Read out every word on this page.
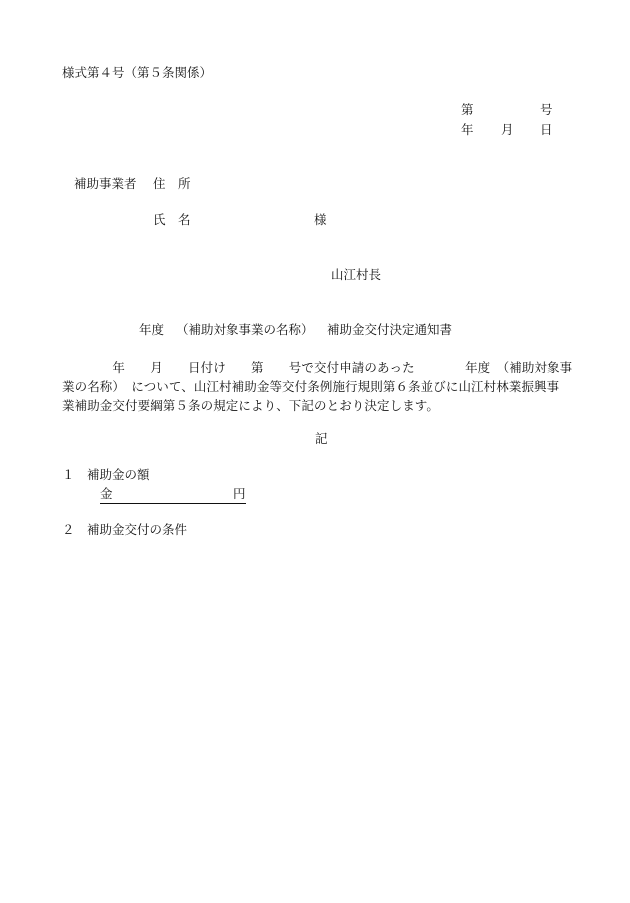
様式第４号（第５条関係）
第	号
年 月 日
補助事業者 住　所
氏　名	様
山江村長
年度 （補助対象事業の名称） 補助金交付決定通知書
　　　　年　　月　　日付け　　第　　号で交付申請のあった　　　　年度　（補助対象事
業の名称）　について、山江村補助金等交付条例施行規則第６条並びに山江村林業振興事
業補助金交付要綱第５条の規定により、下記のとおり決定します。
記
１ 補助金の額
金	円
２ 補助金交付の条件
